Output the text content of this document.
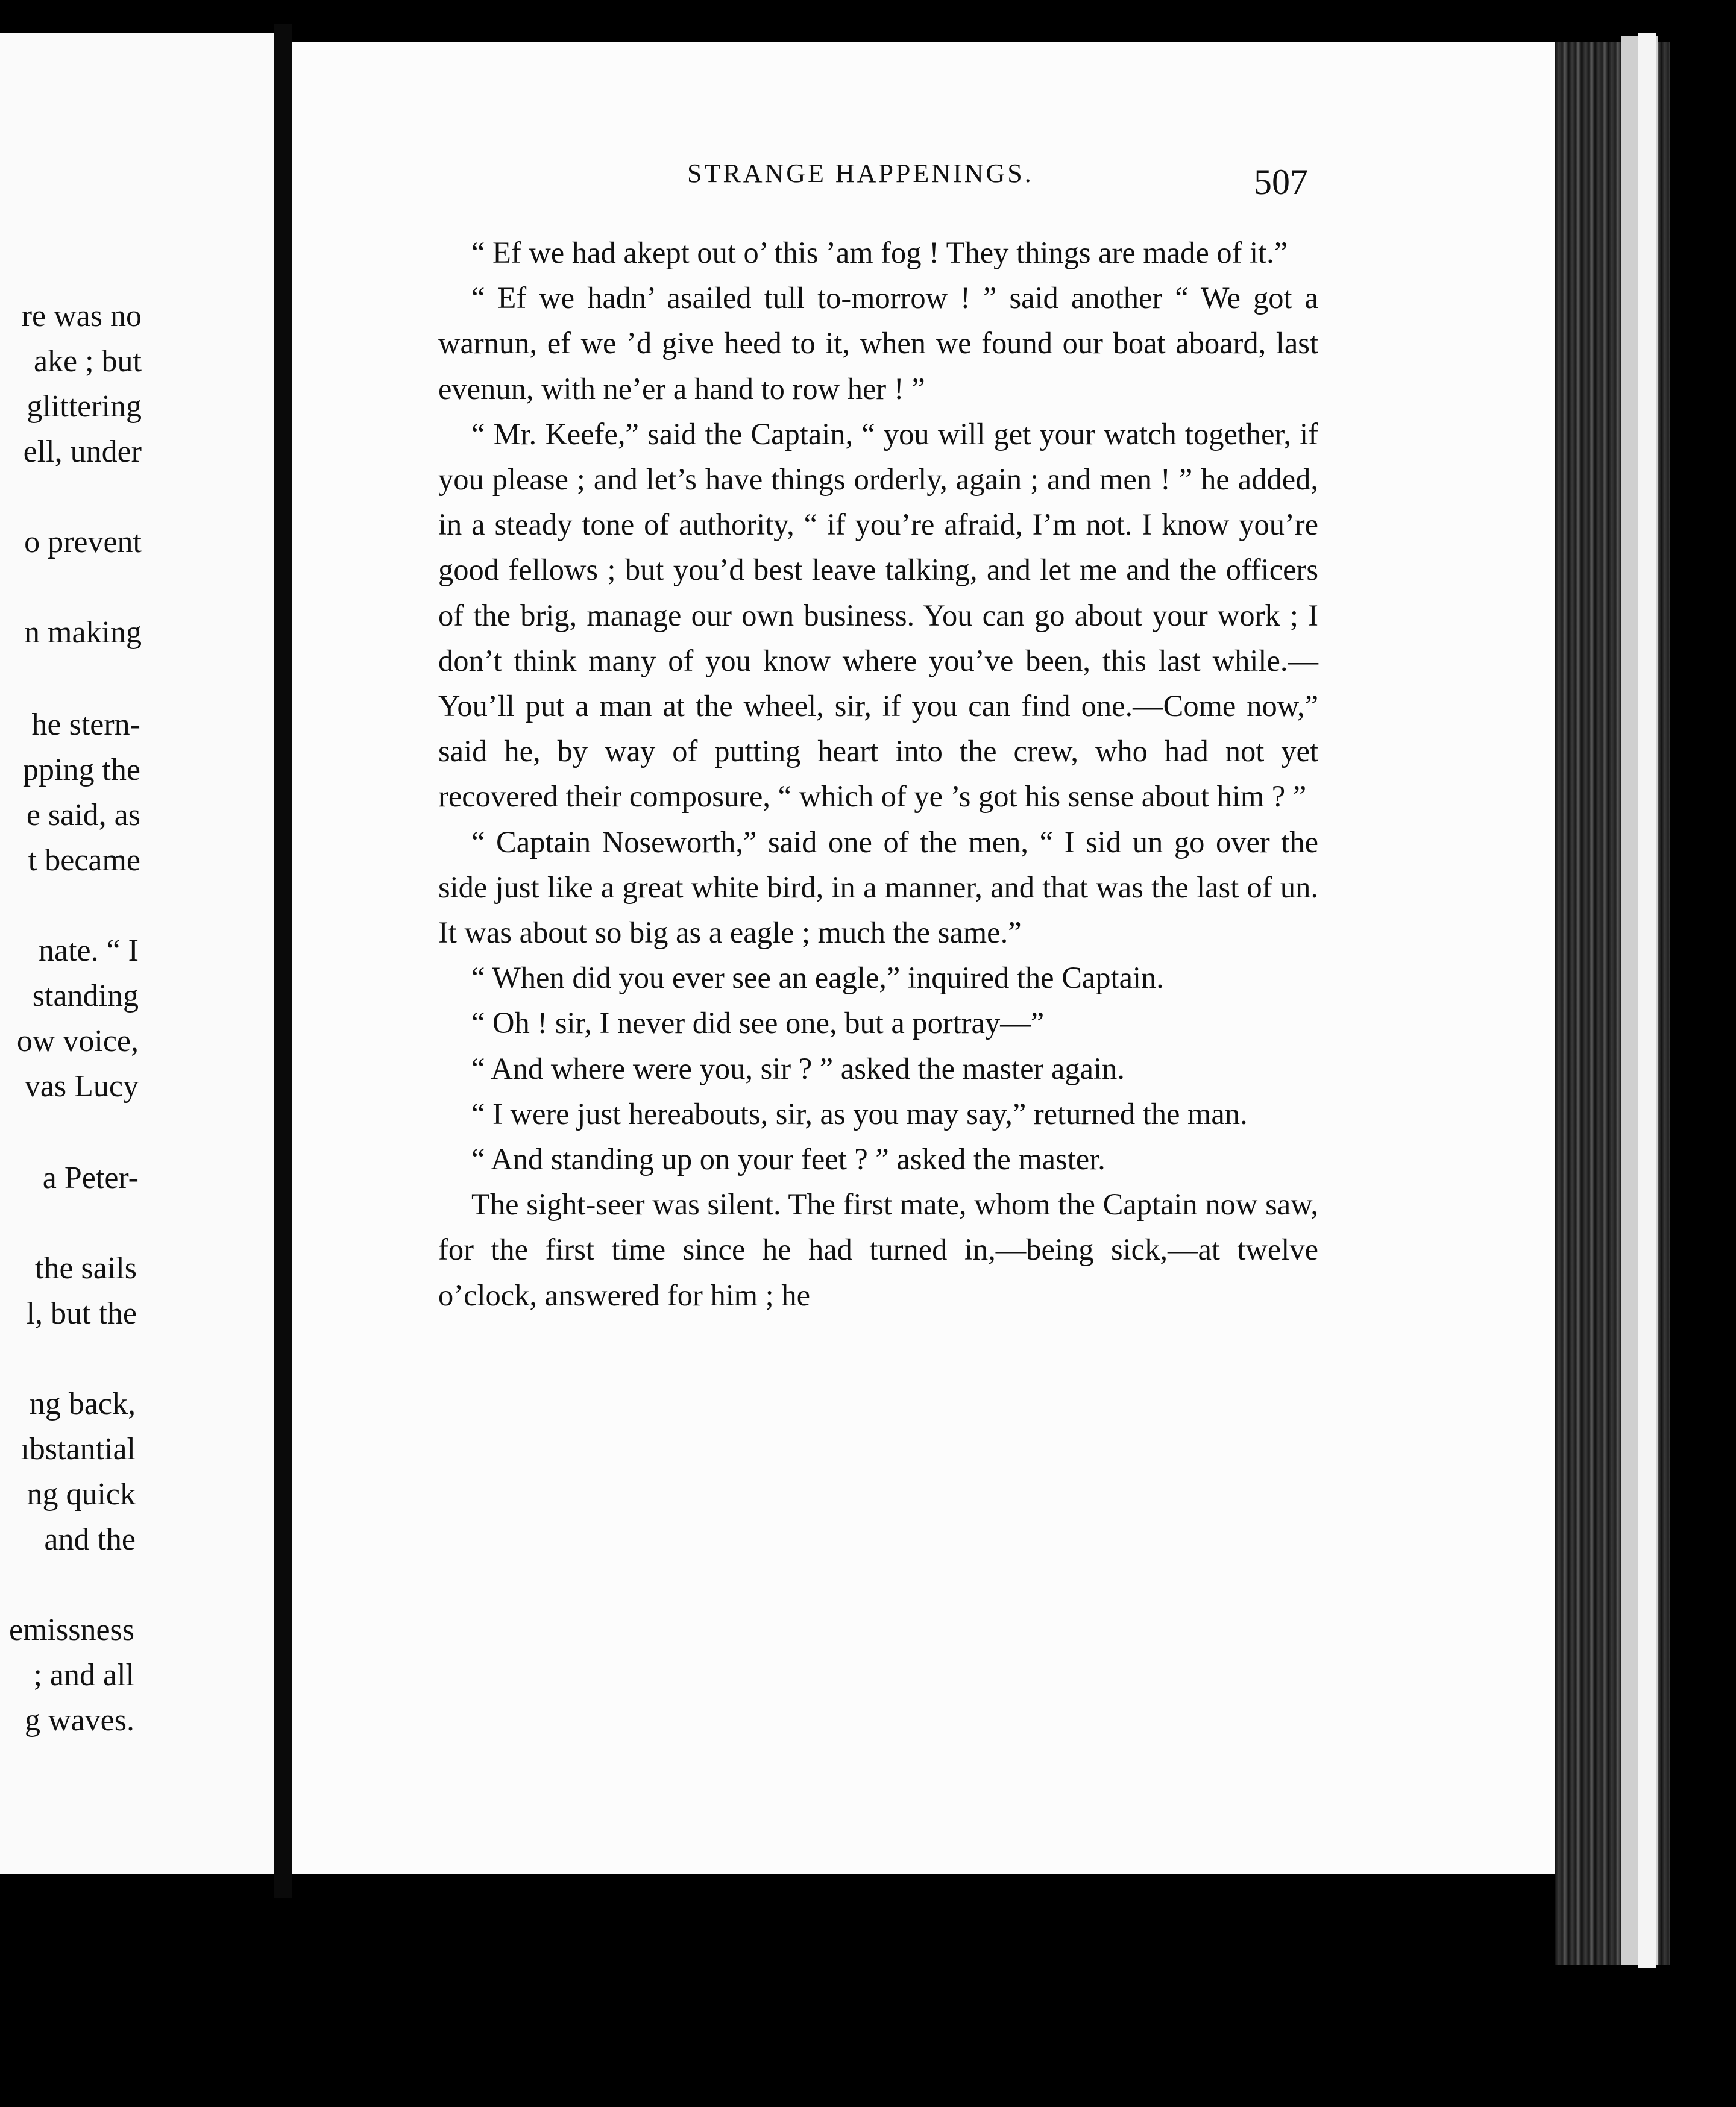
re was no
ake ; but
glittering
ell, under
o prevent
n making
he stern-
pping the
e said, as
t became
nate. “ I
standing
ow voice,
vas Lucy
a Peter-
the sails
l, but the
ng back,
ıbstantial
ng quick
and the
emissness
; and all
g waves.
STRANGE HAPPENINGS.	507

“ Ef we had akept out o’ this ’am fog ! They things are made of it.”

“ Ef we hadn’ asailed tull to-morrow ! ” said another “ We got a warnun, ef we ’d give heed to it, when we found our boat aboard, last evenun, with ne’er a hand to row her ! ”

“ Mr. Keefe,” said the Captain, “ you will get your watch together, if you please ; and let’s have things orderly, again ; and men ! ” he added, in a steady tone of authority, “ if you’re afraid, I’m not. I know you’re good fellows ; but you’d best leave talking, and let me and the officers of the brig, manage our own business. You can go about your work ; I don’t think many of you know where you’ve been, this last while.—You’ll put a man at the wheel, sir, if you can find one.—Come now,” said he, by way of putting heart into the crew, who had not yet recovered their composure, “ which of ye ’s got his sense about him ? ”

“ Captain Noseworth,” said one of the men, “ I sid un go over the side just like a great white bird, in a manner, and that was the last of un. It was about so big as a eagle ; much the same.”

“ When did you ever see an eagle,” inquired the Captain.

“ Oh ! sir, I never did see one, but a portray—”

“ And where were you, sir ? ” asked the master again.

“ I were just hereabouts, sir, as you may say,” returned the man.

“ And standing up on your feet ? ” asked the master.

The sight-seer was silent. The first mate, whom the Captain now saw, for the first time since he had turned in,—being sick,—at twelve o’clock, answered for him ; he
